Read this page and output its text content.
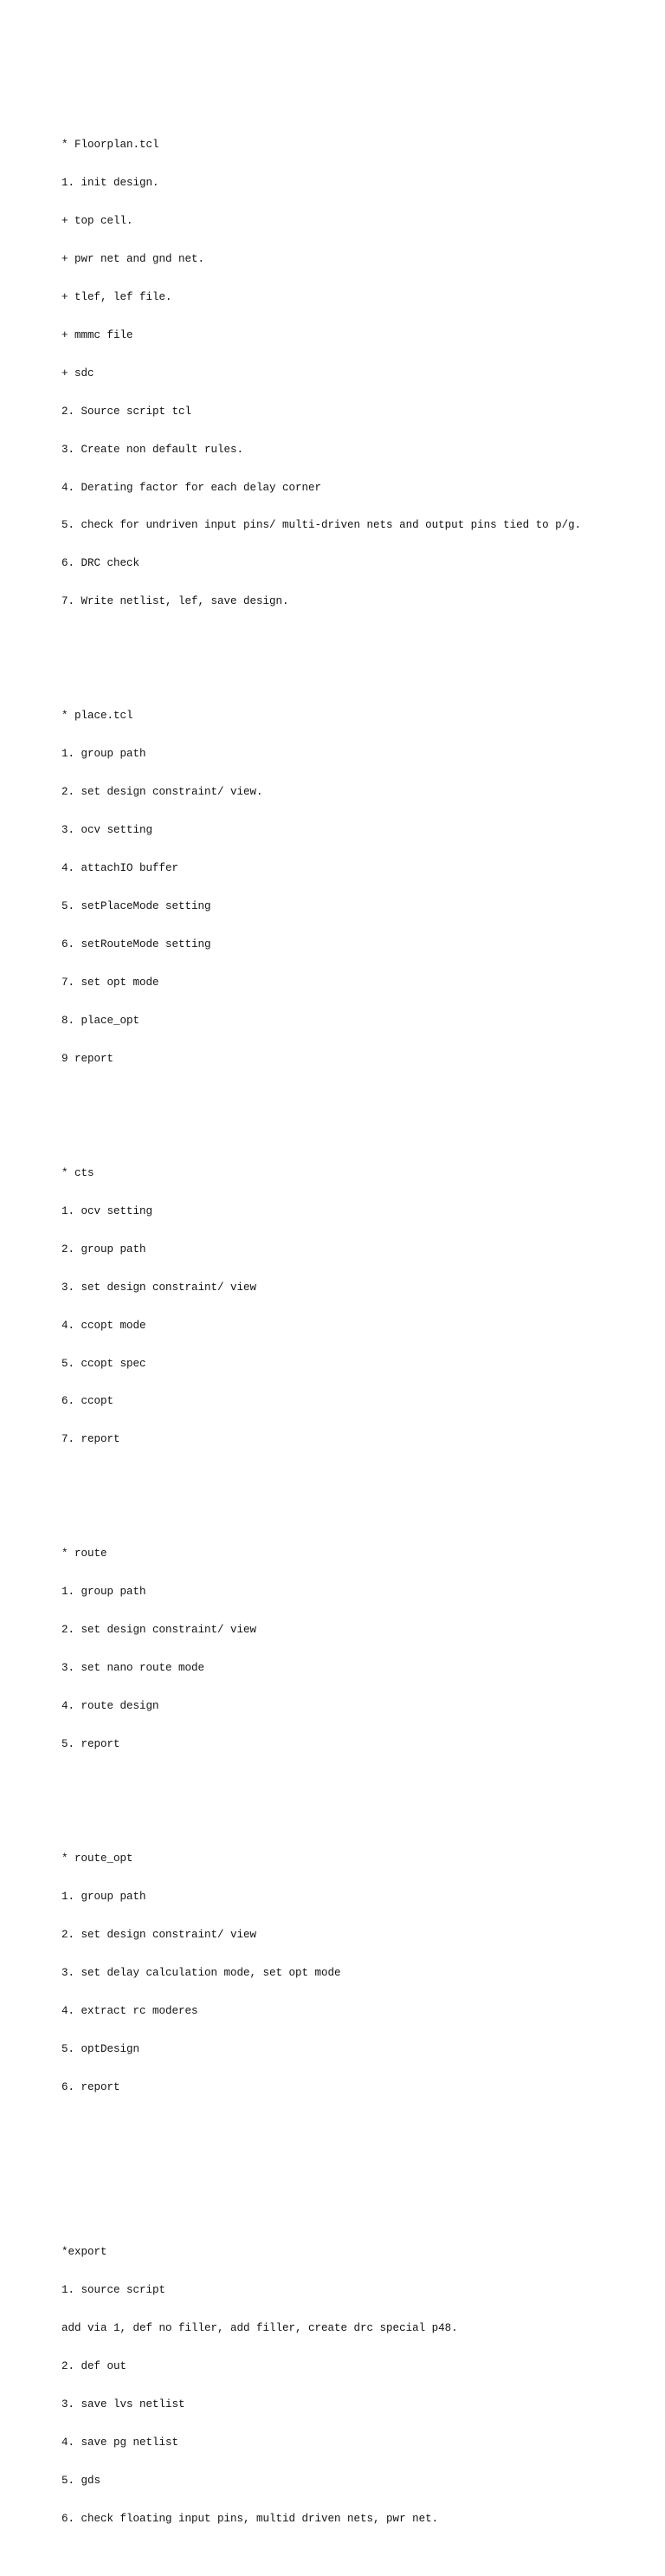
* Floorplan.tcl

1. init design.

+ top cell.

+ pwr net and gnd net.

+ tlef, lef file.

+ mmmc file

+ sdc

2. Source script tcl

3. Create non default rules.

4. Derating factor for each delay corner

5. check for undriven input pins/ multi-driven nets and output pins tied to p/g.

6. DRC check

7. Write netlist, lef, save design.

* place.tcl

1. group path

2. set design constraint/ view.

3. ocv setting

4. attachIO buffer

5. setPlaceMode setting

6. setRouteMode setting

7. set opt mode

8. place_opt

9 report

* cts

1. ocv setting

2. group path

3. set design constraint/ view

4. ccopt mode

5. ccopt spec

6. ccopt

7. report

* route

1. group path

2. set design constraint/ view

3. set nano route mode

4. route design

5. report

* route_opt

1. group path

2. set design constraint/ view

3. set delay calculation mode, set opt mode

4. extract rc moderes

5. optDesign

6. report

*export

1. source script

add via 1, def no filler, add filler, create drc special p48.

2. def out

3. save lvs netlist

4. save pg netlist

5. gds

6. check floating input pins, multid driven nets, pwr net.
